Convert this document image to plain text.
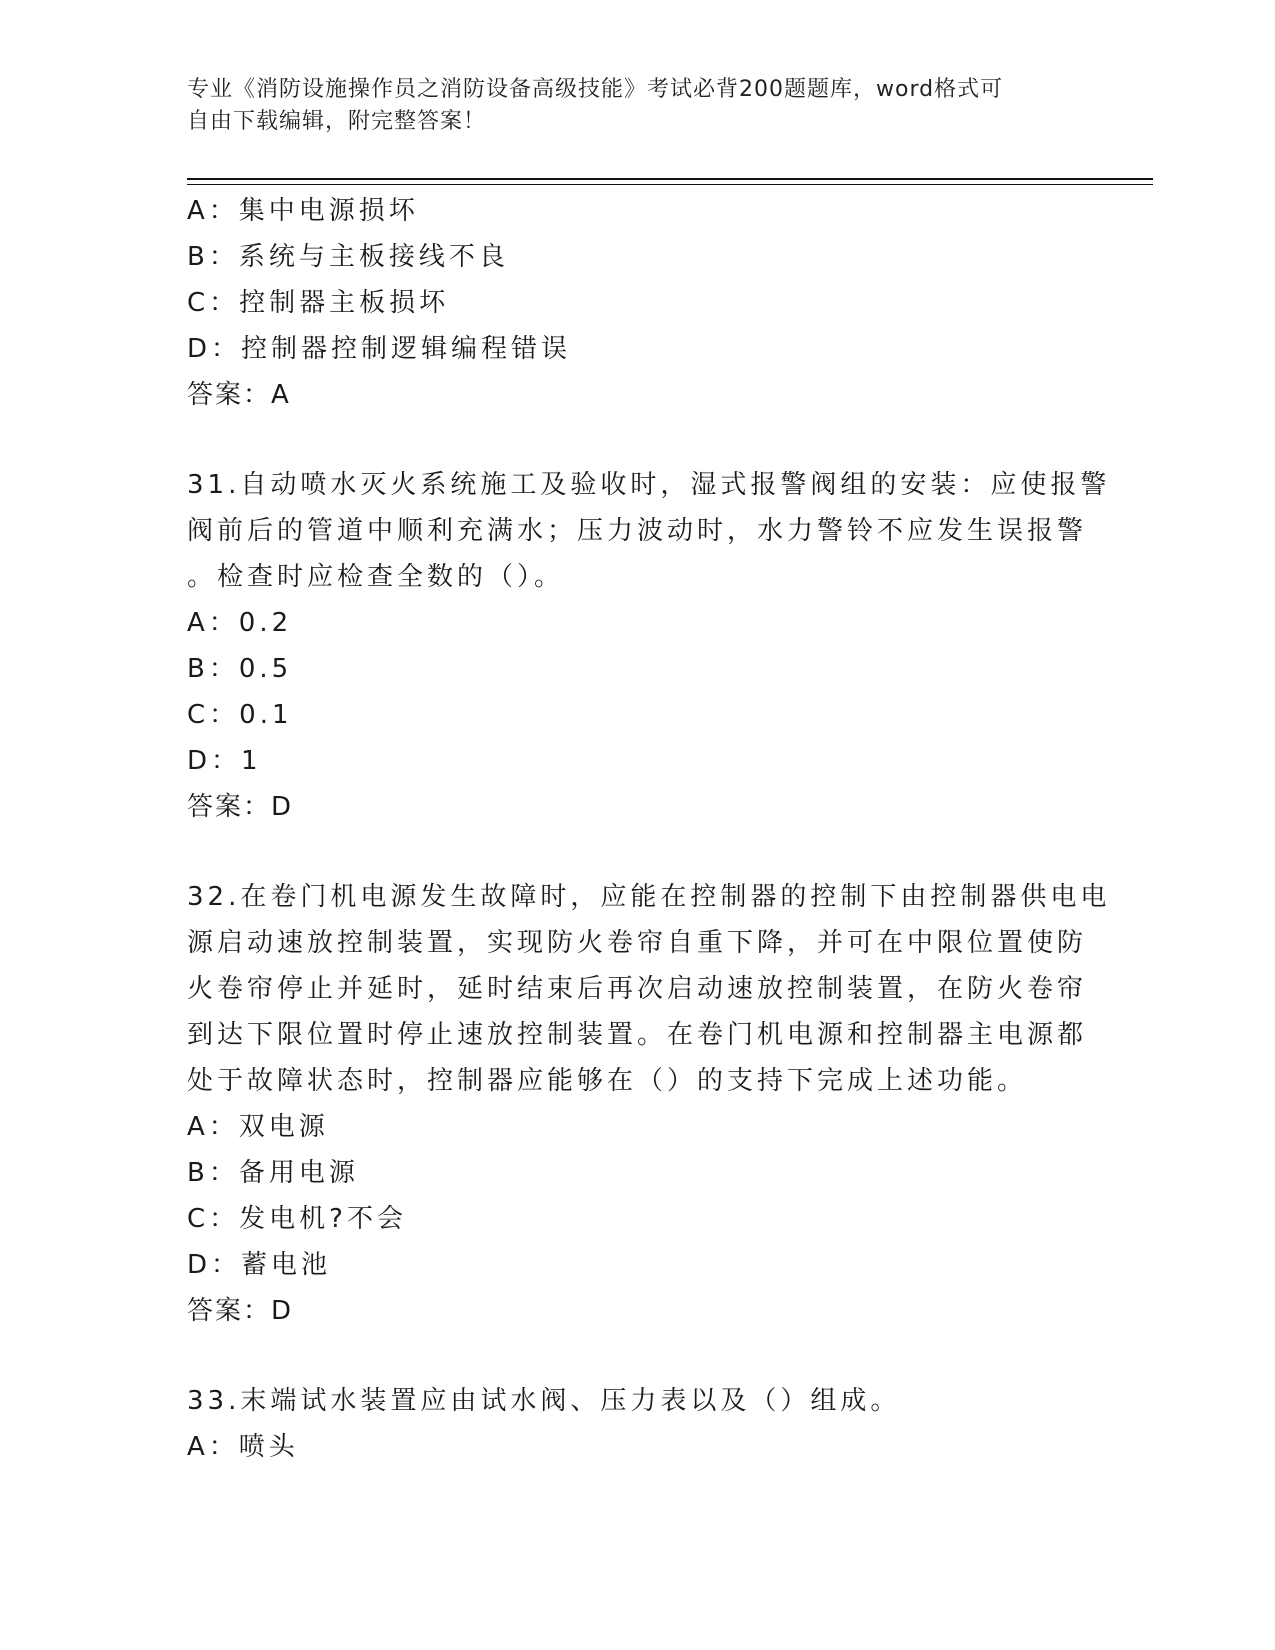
专业《消防设施操作员之消防设备高级技能》考试必背200题题库，word格式可
自由下载编辑，附完整答案！
A：集中电源损坏
B：系统与主板接线不良
C：控制器主板损坏
D：控制器控制逻辑编程错误
答案：A
31.自动喷水灭火系统施工及验收时，湿式报警阀组的安装：应使报警
阀前后的管道中顺利充满水；压力波动时，水力警铃不应发生误报警
。检查时应检查全数的（）。
A：0.2
B：0.5
C：0.1
D：1
答案：D
32.在卷门机电源发生故障时，应能在控制器的控制下由控制器供电电
源启动速放控制装置，实现防火卷帘自重下降，并可在中限位置使防
火卷帘停止并延时，延时结束后再次启动速放控制装置，在防火卷帘
到达下限位置时停止速放控制装置。在卷门机电源和控制器主电源都
处于故障状态时，控制器应能够在（）的支持下完成上述功能。
A：双电源
B：备用电源
C：发电机?不会
D：蓄电池
答案：D
33.末端试水装置应由试水阀、压力表以及（）组成。
A：喷头
